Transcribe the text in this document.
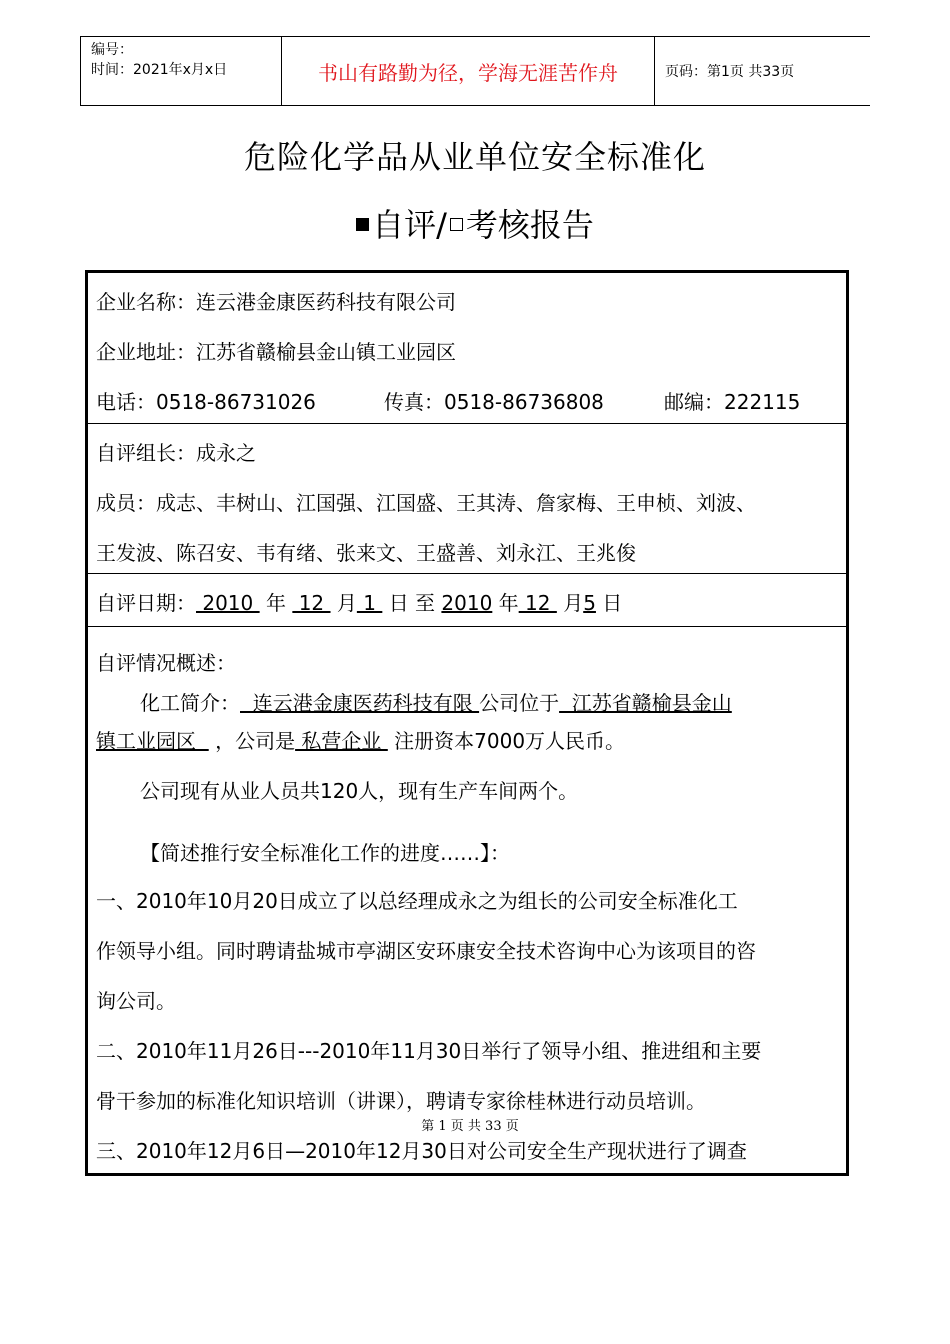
编号：
时间：2021年x月x日	书山有路勤为径，学海无涯苦作舟	页码：第1页 共33页
危险化学品从业单位安全标准化
自评/ 考核报告
企业名称：连云港金康医药科技有限公司
企业地址：江苏省赣榆县金山镇工业园区
电话：0518-86731026	传真：0518-86736808	邮编：222115
自评组长：成永之
成员：成志、丰树山、江国强、江国盛、王其涛、詹家梅、王申桢、刘波、
王发波、陈召安、韦有绪、张来文、王盛善、刘永江、王兆俊
自评日期： 2010  年  12  月 1  日 至 2010 年 12  月5 日
自评情况概述：
化工简介：  连云港金康医药科技有限 公司位于  江苏省赣榆县金山
镇工业园区   ，公司是 私营企业  注册资本7000万人民币。
公司现有从业人员共120人，现有生产车间两个。
【简述推行安全标准化工作的进度……】：
一、2010年10月20日成立了以总经理成永之为组长的公司安全标准化工
作领导小组。同时聘请盐城市亭湖区安环康安全技术咨询中心为该项目的咨
询公司。
二、2010年11月26日---2010年11月30日举行了领导小组、推进组和主要
骨干参加的标准化知识培训（讲课），聘请专家徐桂林进行动员培训。
三、2010年12月6日—2010年12月30日对公司安全生产现状进行了调查
第 1 页 共 33 页
